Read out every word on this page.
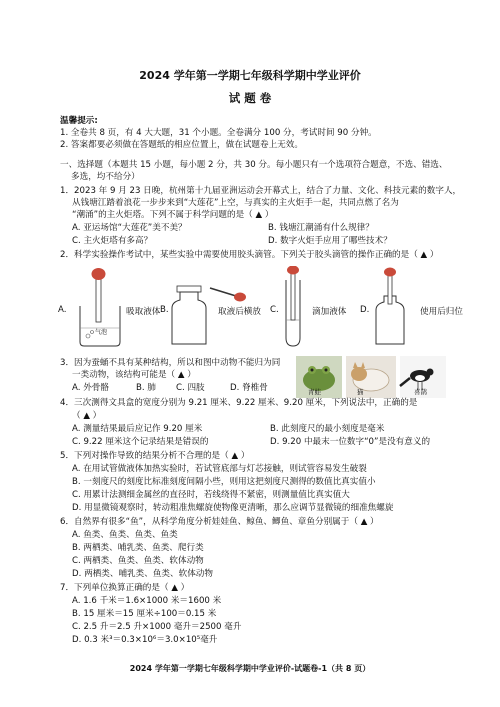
2024 学年第一学期七年级科学期中学业评价
试 题 卷
温馨提示:
1. 全卷共 8 页，有 4 大大题，31 个小题。全卷满分 100 分，考试时间 90 分钟。
2. 答案都要必须做在答题纸的相应位置上，做在试题卷上无效。
一、选择题（本题共 15 小题，每小题 2 分，共 30 分。每小题只有一个选项符合题意，不选、错选、
多选，均不给分）
1．2023 年 9 月 23 日晚，杭州第十九届亚洲运动会开幕式上，结合了力量、文化、科技元素的数字人，
从钱塘江踏着浪花一步步来到“大莲花”上空，与真实的主火炬手一起，共同点燃了名为
“潮涌”的主火炬塔。下列不属于科学问题的是（ ▲ ）
A. 亚运场馆“大莲花”美不美？	B. 钱塘江潮涌有什么规律？
C. 主火炬塔有多高？	D. 数字火炬手应用了哪些技术？
2．科学实验操作考试中，某些实验中需要使用胶头滴管。下列关于胶头滴管的操作正确的是（ ▲ ）
A.	吸取液体
气泡
B.	取液后横放 C.	滴加液体 D.	使用后归位
3．因为蚕蛹不具有某种结构，所以和图中动物不能归为同
一类动物，该结构可能是（ ▲ ）
A. 外骨骼	B. 肺 C. 四肢	D. 脊椎骨	青蛙	猫	喜鹊
4．三次测得文具盒的宽度分别为 9.21 厘米、9.22 厘米、9.20 厘米，下列说法中，正确的是
（ ▲ ）
A. 测量结果最后应记作 9.20 厘米	B. 此刻度尺的最小刻度是毫米
C. 9.22 厘米这个记录结果是错误的	D. 9.20 中最末一位数字“0”是没有意义的
5．下列对操作导致的结果分析不合理的是（ ▲ ）
A. 在用试管做液体加热实验时，若试管底部与灯芯接触，则试管容易发生破裂
B. 一刻度尺的刻度比标准刻度间隔小些，则用这把刻度尺测得的数值比真实值小
C. 用累计法测细金属丝的直径时，若线绕得不紧密，则测量值比真实值大
D. 用显微镜观察时，转动粗准焦螺旋使物像更清晰，那么应调节显微镜的细准焦螺旋
6．自然界有很多“鱼”，从科学角度分析娃娃鱼、鲸鱼、鲫鱼、章鱼分别属于（ ▲ ）
A. 鱼类、鱼类、鱼类、鱼类
B. 两栖类、哺乳类、鱼类、爬行类
C. 两栖类、鱼类、鱼类、软体动物
D. 两栖类、哺乳类、鱼类、软体动物
7．下列单位换算正确的是（ ▲ ）
A. 1.6 千米＝1.6×1000 米＝1600 米
B. 15 厘米＝15 厘米÷100＝0.15 米
C. 2.5 升＝2.5 升×1000 毫升＝2500 毫升
D. 0.3 米³＝0.3×10⁶＝3.0×10⁵毫升
2024 学年第一学期七年级科学期中学业评价-试题卷-1（共 8 页）
